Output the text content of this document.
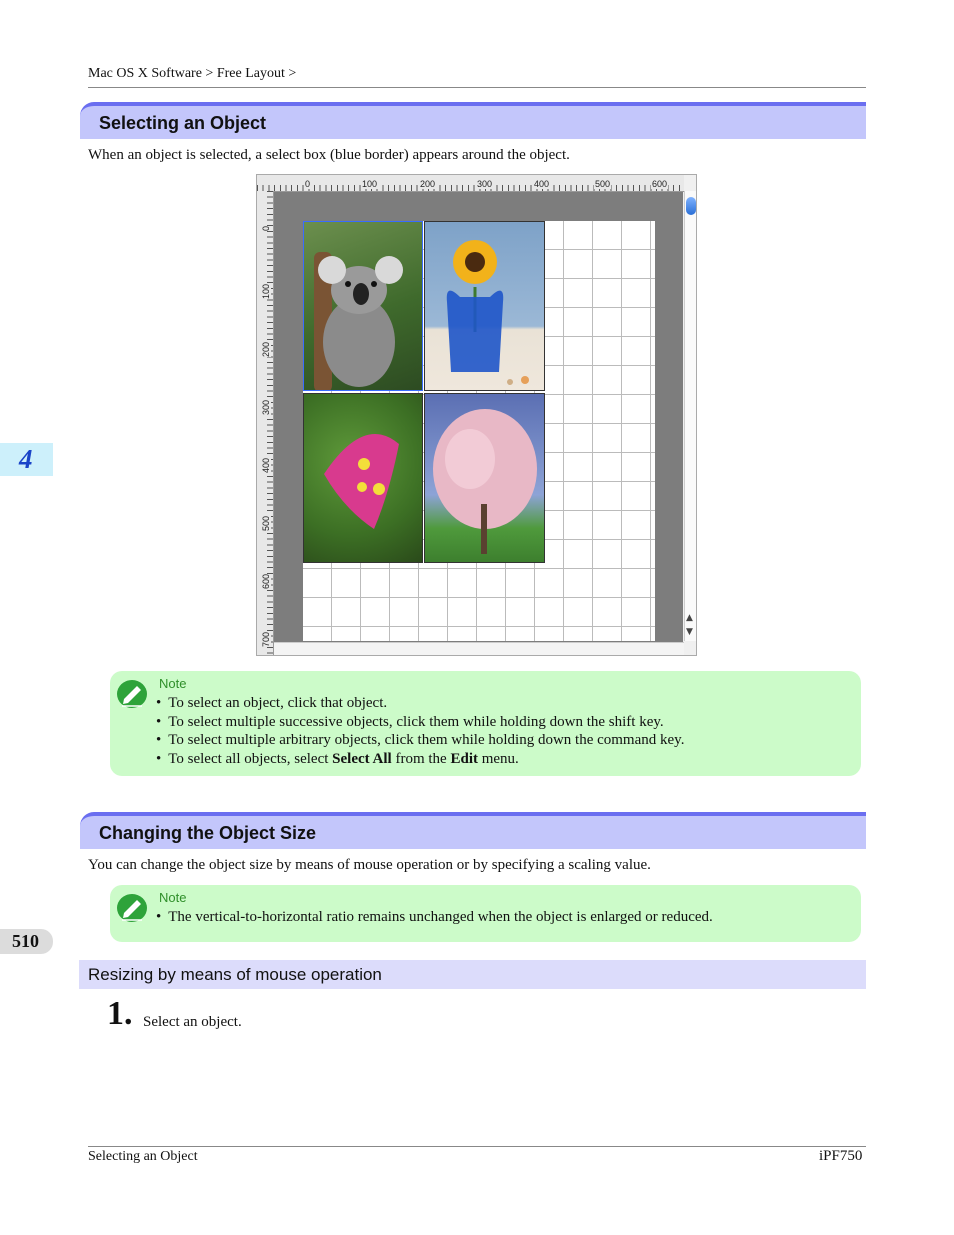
Mac OS X Software > Free Layout >
4
510
Selecting an Object
When an object is selected, a select box (blue border) appears around the object.
0	100	200	300	400	500	600
0
100
200
300
400
500
600
700
▲
▼
Note
• To select an object, click that object.
• To select multiple successive objects, click them while holding down the shift key.
• To select multiple arbitrary objects, click them while holding down the command key.
• To select all objects, select Select All from the Edit menu.
Changing the Object Size
You can change the object size by means of mouse operation or by specifying a scaling value.
Note
• The vertical-to-horizontal ratio remains unchanged when the object is enlarged or reduced.
Resizing by means of mouse operation
1. Select an object.
Selecting an Object	iPF750
